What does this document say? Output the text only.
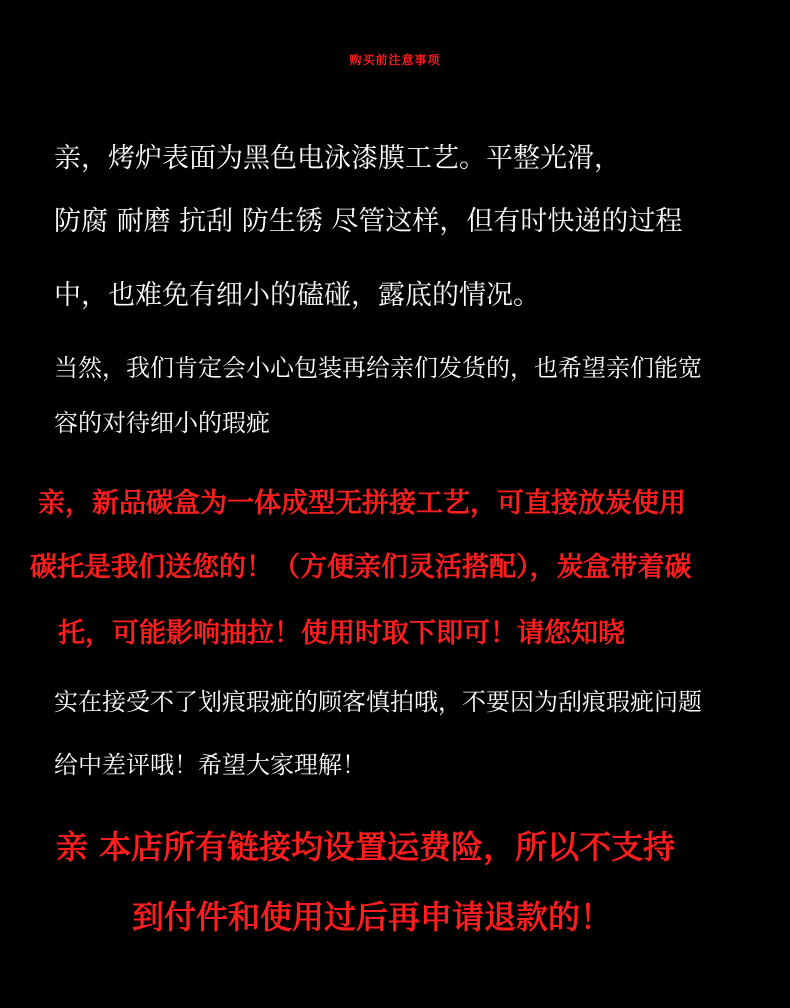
购买前注意事项

亲，烤炉表面为黑色电泳漆膜工艺。平整光滑，

防腐 耐磨 抗刮 防生锈 尽管这样，但有时快递的过程

中，也难免有细小的磕碰，露底的情况。

当然，我们肯定会小心包装再给亲们发货的，也希望亲们能宽

容的对待细小的瑕疵

亲，新品碳盒为一体成型无拼接工艺，可直接放炭使用

碳托是我们送您的！（方便亲们灵活搭配），炭盒带着碳

托，可能影响抽拉！使用时取下即可！请您知晓

实在接受不了划痕瑕疵的顾客慎拍哦，不要因为刮痕瑕疵问题

给中差评哦！希望大家理解！

亲 本店所有链接均设置运费险，所以不支持

到付件和使用过后再申请退款的！
